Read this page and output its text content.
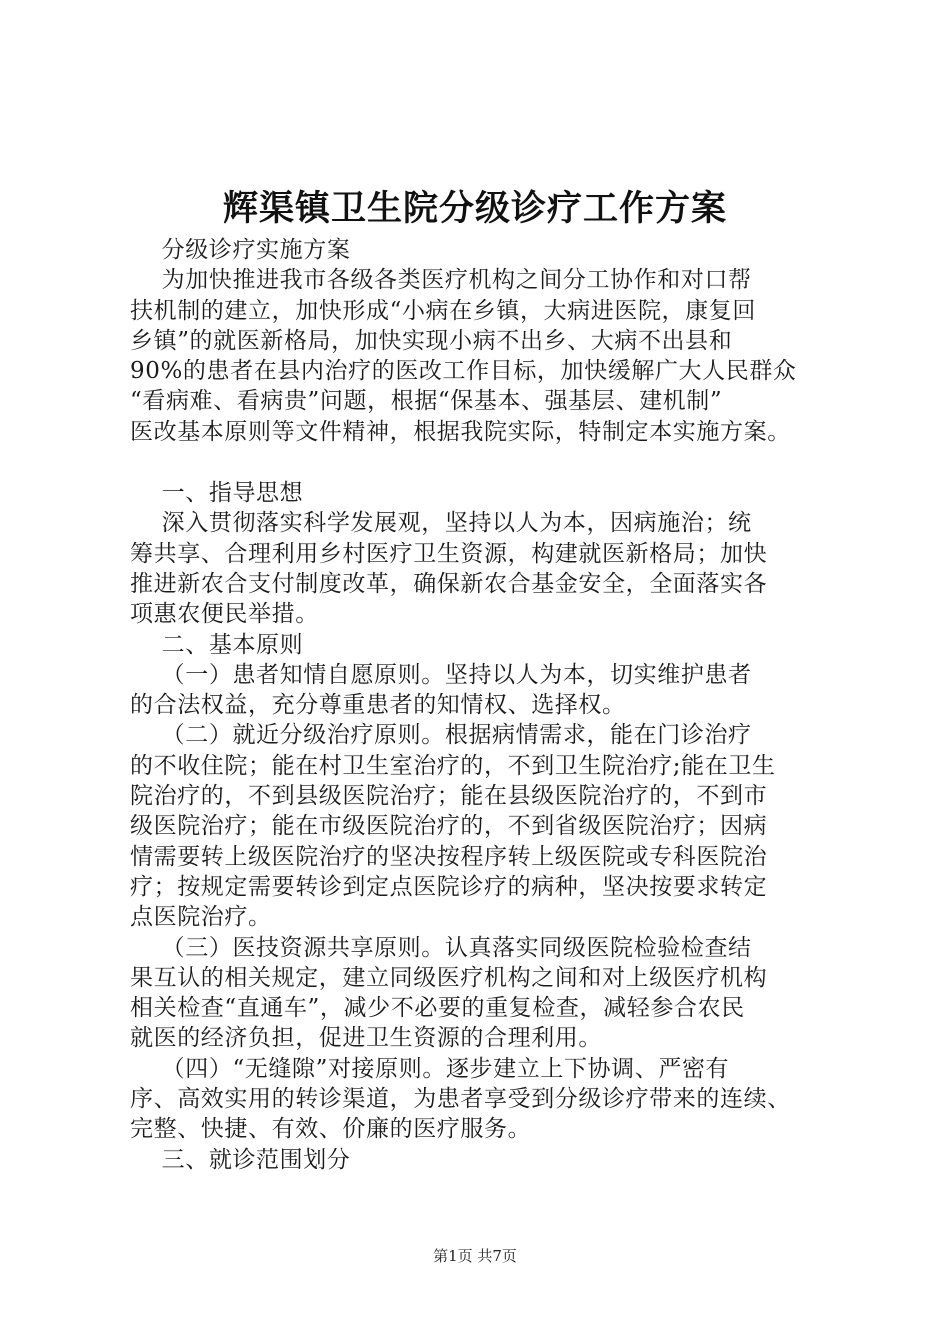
辉渠镇卫生院分级诊疗工作方案
分级诊疗实施方案
为加快推进我市各级各类医疗机构之间分工协作和对口帮
扶机制的建立，加快形成“小病在乡镇，大病进医院，康复回
乡镇”的就医新格局，加快实现小病不出乡、大病不出县和
90%的患者在县内治疗的医改工作目标，加快缓解广大人民群众
“看病难、看病贵”问题，根据“保基本、强基层、建机制”
医改基本原则等文件精神，根据我院实际，特制定本实施方案。
一、指导思想
深入贯彻落实科学发展观，坚持以人为本，因病施治；统
筹共享、合理利用乡村医疗卫生资源，构建就医新格局；加快
推进新农合支付制度改革，确保新农合基金安全，全面落实各
项惠农便民举措。
二、基本原则
（一）患者知情自愿原则。坚持以人为本，切实维护患者
的合法权益，充分尊重患者的知情权、选择权。
（二）就近分级治疗原则。根据病情需求，能在门诊治疗
的不收住院；能在村卫生室治疗的，不到卫生院治疗;能在卫生
院治疗的，不到县级医院治疗；能在县级医院治疗的，不到市
级医院治疗；能在市级医院治疗的，不到省级医院治疗；因病
情需要转上级医院治疗的坚决按程序转上级医院或专科医院治
疗；按规定需要转诊到定点医院诊疗的病种，坚决按要求转定
点医院治疗。
（三）医技资源共享原则。认真落实同级医院检验检查结
果互认的相关规定，建立同级医疗机构之间和对上级医疗机构
相关检查“直通车”，减少不必要的重复检查，减轻参合农民
就医的经济负担，促进卫生资源的合理利用。
（四）“无缝隙”对接原则。逐步建立上下协调、严密有
序、高效实用的转诊渠道，为患者享受到分级诊疗带来的连续、
完整、快捷、有效、价廉的医疗服务。
三、就诊范围划分
第1页 共7页
